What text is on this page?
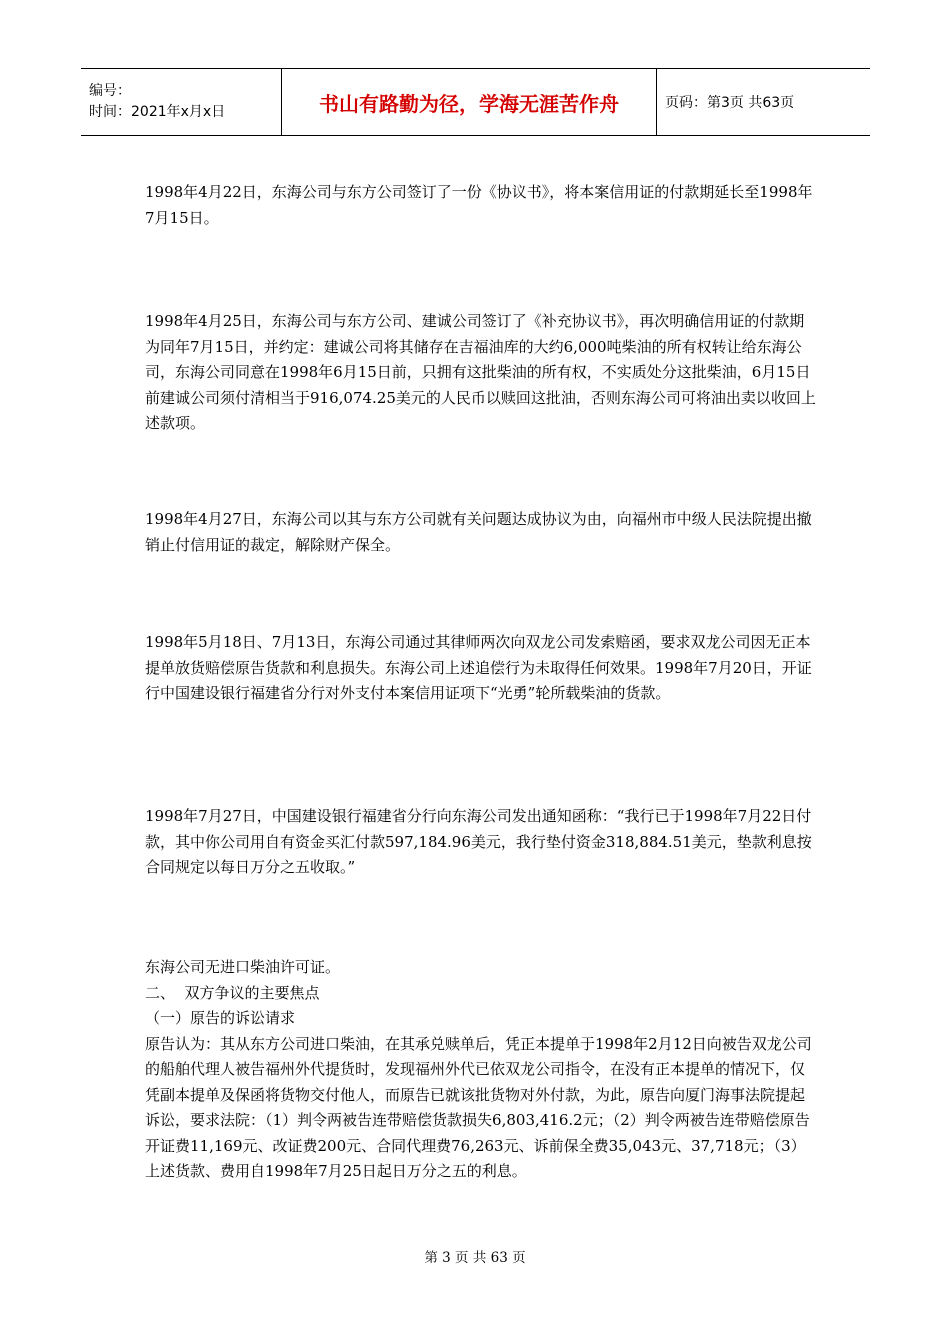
编号：
时间：2021年x月x日	书山有路勤为径，学海无涯苦作舟	页码：第3页 共63页

1998年4月22日，东海公司与东方公司签订了一份《协议书》，将本案信用证的付款期延长至1998年7月15日。

1998年4月25日，东海公司与东方公司、建诚公司签订了《补充协议书》，再次明确信用证的付款期为同年7月15日，并约定：建诚公司将其储存在吉福油库的大约6,000吨柴油的所有权转让给东海公司，东海公司同意在1998年6月15日前，只拥有这批柴油的所有权，不实质处分这批柴油，6月15日前建诚公司须付清相当于916,074.25美元的人民币以赎回这批油，否则东海公司可将油出卖以收回上述款项。

1998年4月27日，东海公司以其与东方公司就有关问题达成协议为由，向福州市中级人民法院提出撤销止付信用证的裁定，解除财产保全。

1998年5月18日、7月13日，东海公司通过其律师两次向双龙公司发索赔函，要求双龙公司因无正本提单放货赔偿原告货款和利息损失。东海公司上述追偿行为未取得任何效果。1998年7月20日，开证行中国建设银行福建省分行对外支付本案信用证项下“光勇”轮所载柴油的货款。

1998年7月27日，中国建设银行福建省分行向东海公司发出通知函称：“我行已于1998年7月22日付款，其中你公司用自有资金买汇付款597,184.96美元，我行垫付资金318,884.51美元，垫款利息按合同规定以每日万分之五收取。”

东海公司无进口柴油许可证。
二、  双方争议的主要焦点
（一）原告的诉讼请求
原告认为：其从东方公司进口柴油，在其承兑赎单后，凭正本提单于1998年2月12日向被告双龙公司的船舶代理人被告福州外代提货时，发现福州外代已依双龙公司指令，在没有正本提单的情况下，仅凭副本提单及保函将货物交付他人，而原告已就该批货物对外付款，为此，原告向厦门海事法院提起诉讼，要求法院：（1）判令两被告连带赔偿货款损失6,803,416.2元；（2）判令两被告连带赔偿原告开证费11,169元、改证费200元、合同代理费76,263元、诉前保全费35,043元、37,718元；（3）上述货款、费用自1998年7月25日起日万分之五的利息。

第 3 页 共 63 页
